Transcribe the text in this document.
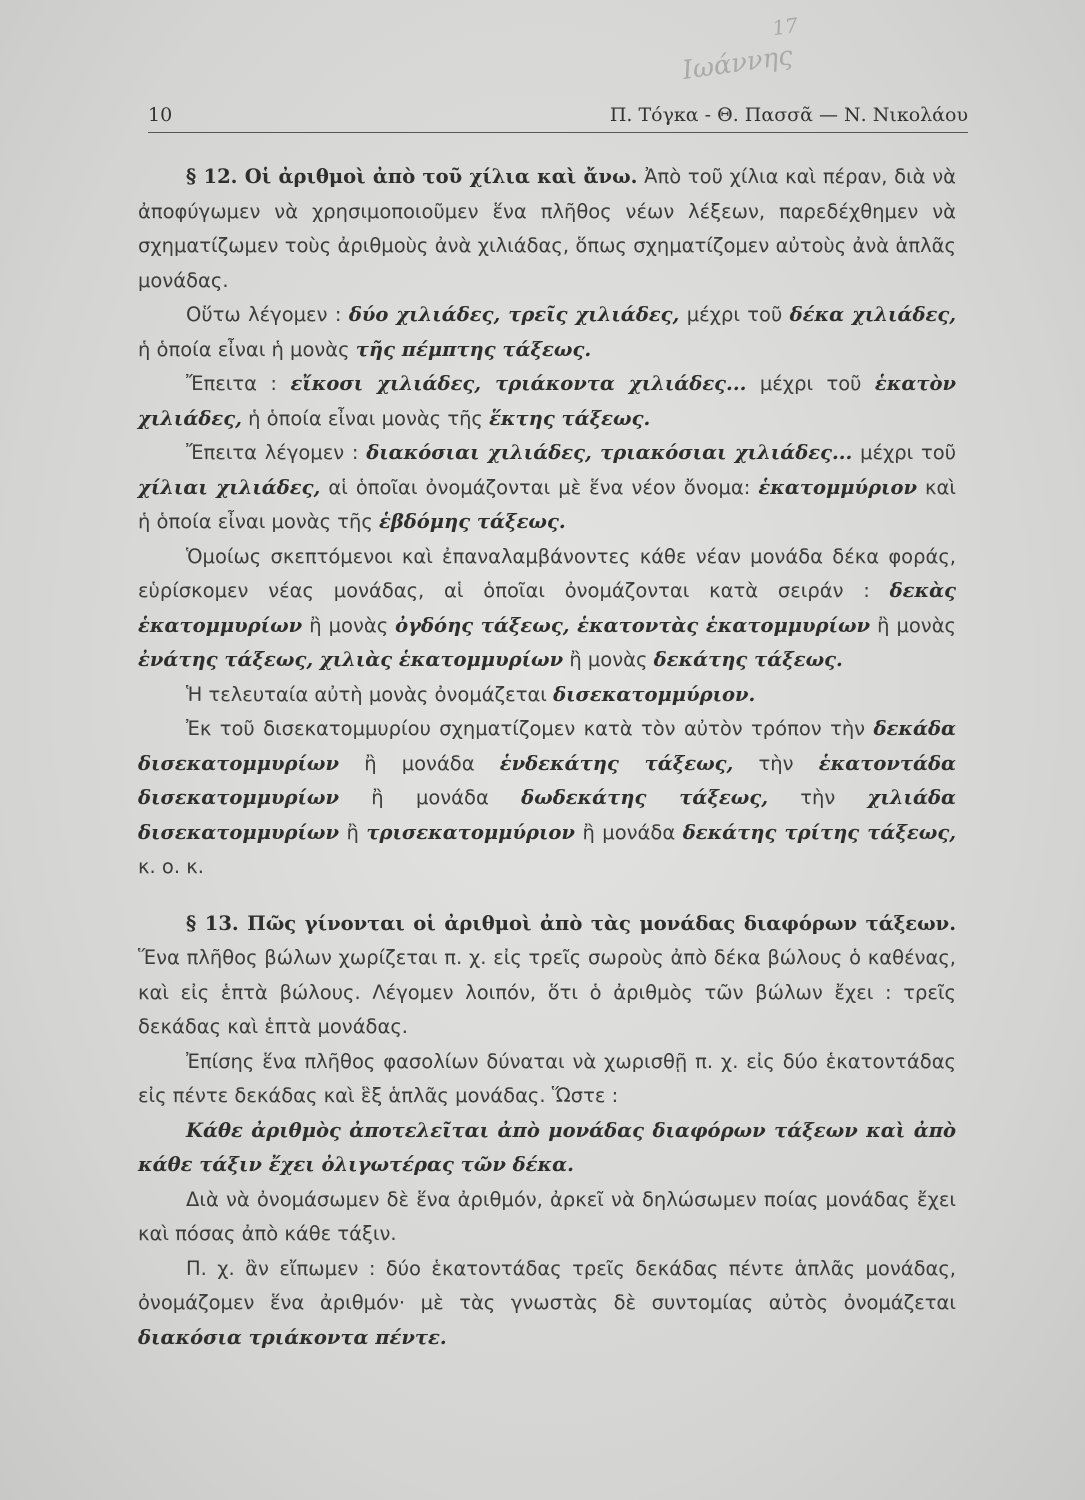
17
Ιωάννης
10	Π. Τόγκα - Θ. Πασσᾶ — Ν. Νικολάου

§ 12. Οἱ ἀριθμοὶ ἀπὸ τοῦ χίλια καὶ ἄνω. Ἀπὸ τοῦ χίλια καὶ πέραν, διὰ νὰ ἀποφύγωμεν νὰ χρησιμοποιοῦμεν ἕνα πλῆθος νέων λέξεων, παρεδέχθημεν νὰ σχηματίζωμεν τοὺς ἀριθμοὺς ἀνὰ χιλιάδας, ὅπως σχηματίζομεν αὐτοὺς ἀνὰ ἁπλᾶς μονάδας.

Οὕτω λέγομεν : δύο χιλιάδες, τρεῖς χιλιάδες, μέχρι τοῦ δέκα χιλιάδες, ἡ ὁποία εἶναι ἡ μονὰς τῆς πέμπτης τάξεως.

Ἔπειτα : εἴκοσι χιλιάδες, τριάκοντα χιλιάδες... μέχρι τοῦ ἑκατὸν χιλιάδες, ἡ ὁποία εἶναι μονὰς τῆς ἕκτης τάξεως.

Ἔπειτα λέγομεν : διακόσιαι χιλιάδες, τριακόσιαι χιλιάδες... μέχρι τοῦ χίλιαι χιλιάδες, αἱ ὁποῖαι ὀνομάζονται μὲ ἕνα νέον ὄνομα: ἑκατομμύριον καὶ ἡ ὁποία εἶναι μονὰς τῆς ἑβδόμης τάξεως.

Ὁμοίως σκεπτόμενοι καὶ ἐπαναλαμβάνοντες κάθε νέαν μονάδα δέκα φοράς, εὑρίσκομεν νέας μονάδας, αἱ ὁποῖαι ὀνομάζονται κατὰ σειράν : δεκὰς ἑκατομμυρίων ἢ μονὰς ὀγδόης τάξεως, ἑκατοντὰς ἑκατομμυρίων ἢ μονὰς ἐνάτης τάξεως, χιλιὰς ἑκατομμυρίων ἢ μονὰς δεκάτης τάξεως.

Ἡ τελευταία αὐτὴ μονὰς ὀνομάζεται δισεκατομμύριον.

Ἐκ τοῦ δισεκατομμυρίου σχηματίζομεν κατὰ τὸν αὐτὸν τρόπον τὴν δεκάδα δισεκατομμυρίων ἢ μονάδα ἑνδεκάτης τάξεως, τὴν ἑκατοντάδα δισεκατομμυρίων ἢ μονάδα δωδεκάτης τάξεως, τὴν χιλιάδα δισεκατομμυρίων ἢ τρισεκατομμύριον ἢ μονάδα δεκάτης τρίτης τάξεως, κ. ο. κ.

§ 13. Πῶς γίνονται οἱ ἀριθμοὶ ἀπὸ τὰς μονάδας διαφόρων τάξεων. Ἕνα πλῆθος βώλων χωρίζεται π. χ. εἰς τρεῖς σωροὺς ἀπὸ δέκα βώλους ὁ καθένας, καὶ εἰς ἑπτὰ βώλους. Λέγομεν λοιπόν, ὅτι ὁ ἀριθμὸς τῶν βώλων ἔχει : τρεῖς δεκάδας καὶ ἑπτὰ μονάδας.

Ἐπίσης ἕνα πλῆθος φασολίων δύναται νὰ χωρισθῇ π. χ. εἰς δύο ἑκατοντάδας εἰς πέντε δεκάδας καὶ ἓξ ἁπλᾶς μονάδας. Ὥστε :

Κάθε ἀριθμὸς ἀποτελεῖται ἀπὸ μονάδας διαφόρων τάξεων καὶ ἀπὸ κάθε τάξιν ἔχει ὀλιγωτέρας τῶν δέκα.

Διὰ νὰ ὀνομάσωμεν δὲ ἕνα ἀριθμόν, ἀρκεῖ νὰ δηλώσωμεν ποίας μονάδας ἔχει καὶ πόσας ἀπὸ κάθε τάξιν.

Π. χ. ἂν εἴπωμεν : δύο ἑκατοντάδας τρεῖς δεκάδας πέντε ἁπλᾶς μονάδας, ὀνομάζομεν ἕνα ἀριθμόν· μὲ τὰς γνωστὰς δὲ συντομίας αὐτὸς ὀνομάζεται διακόσια τριάκοντα πέντε.
